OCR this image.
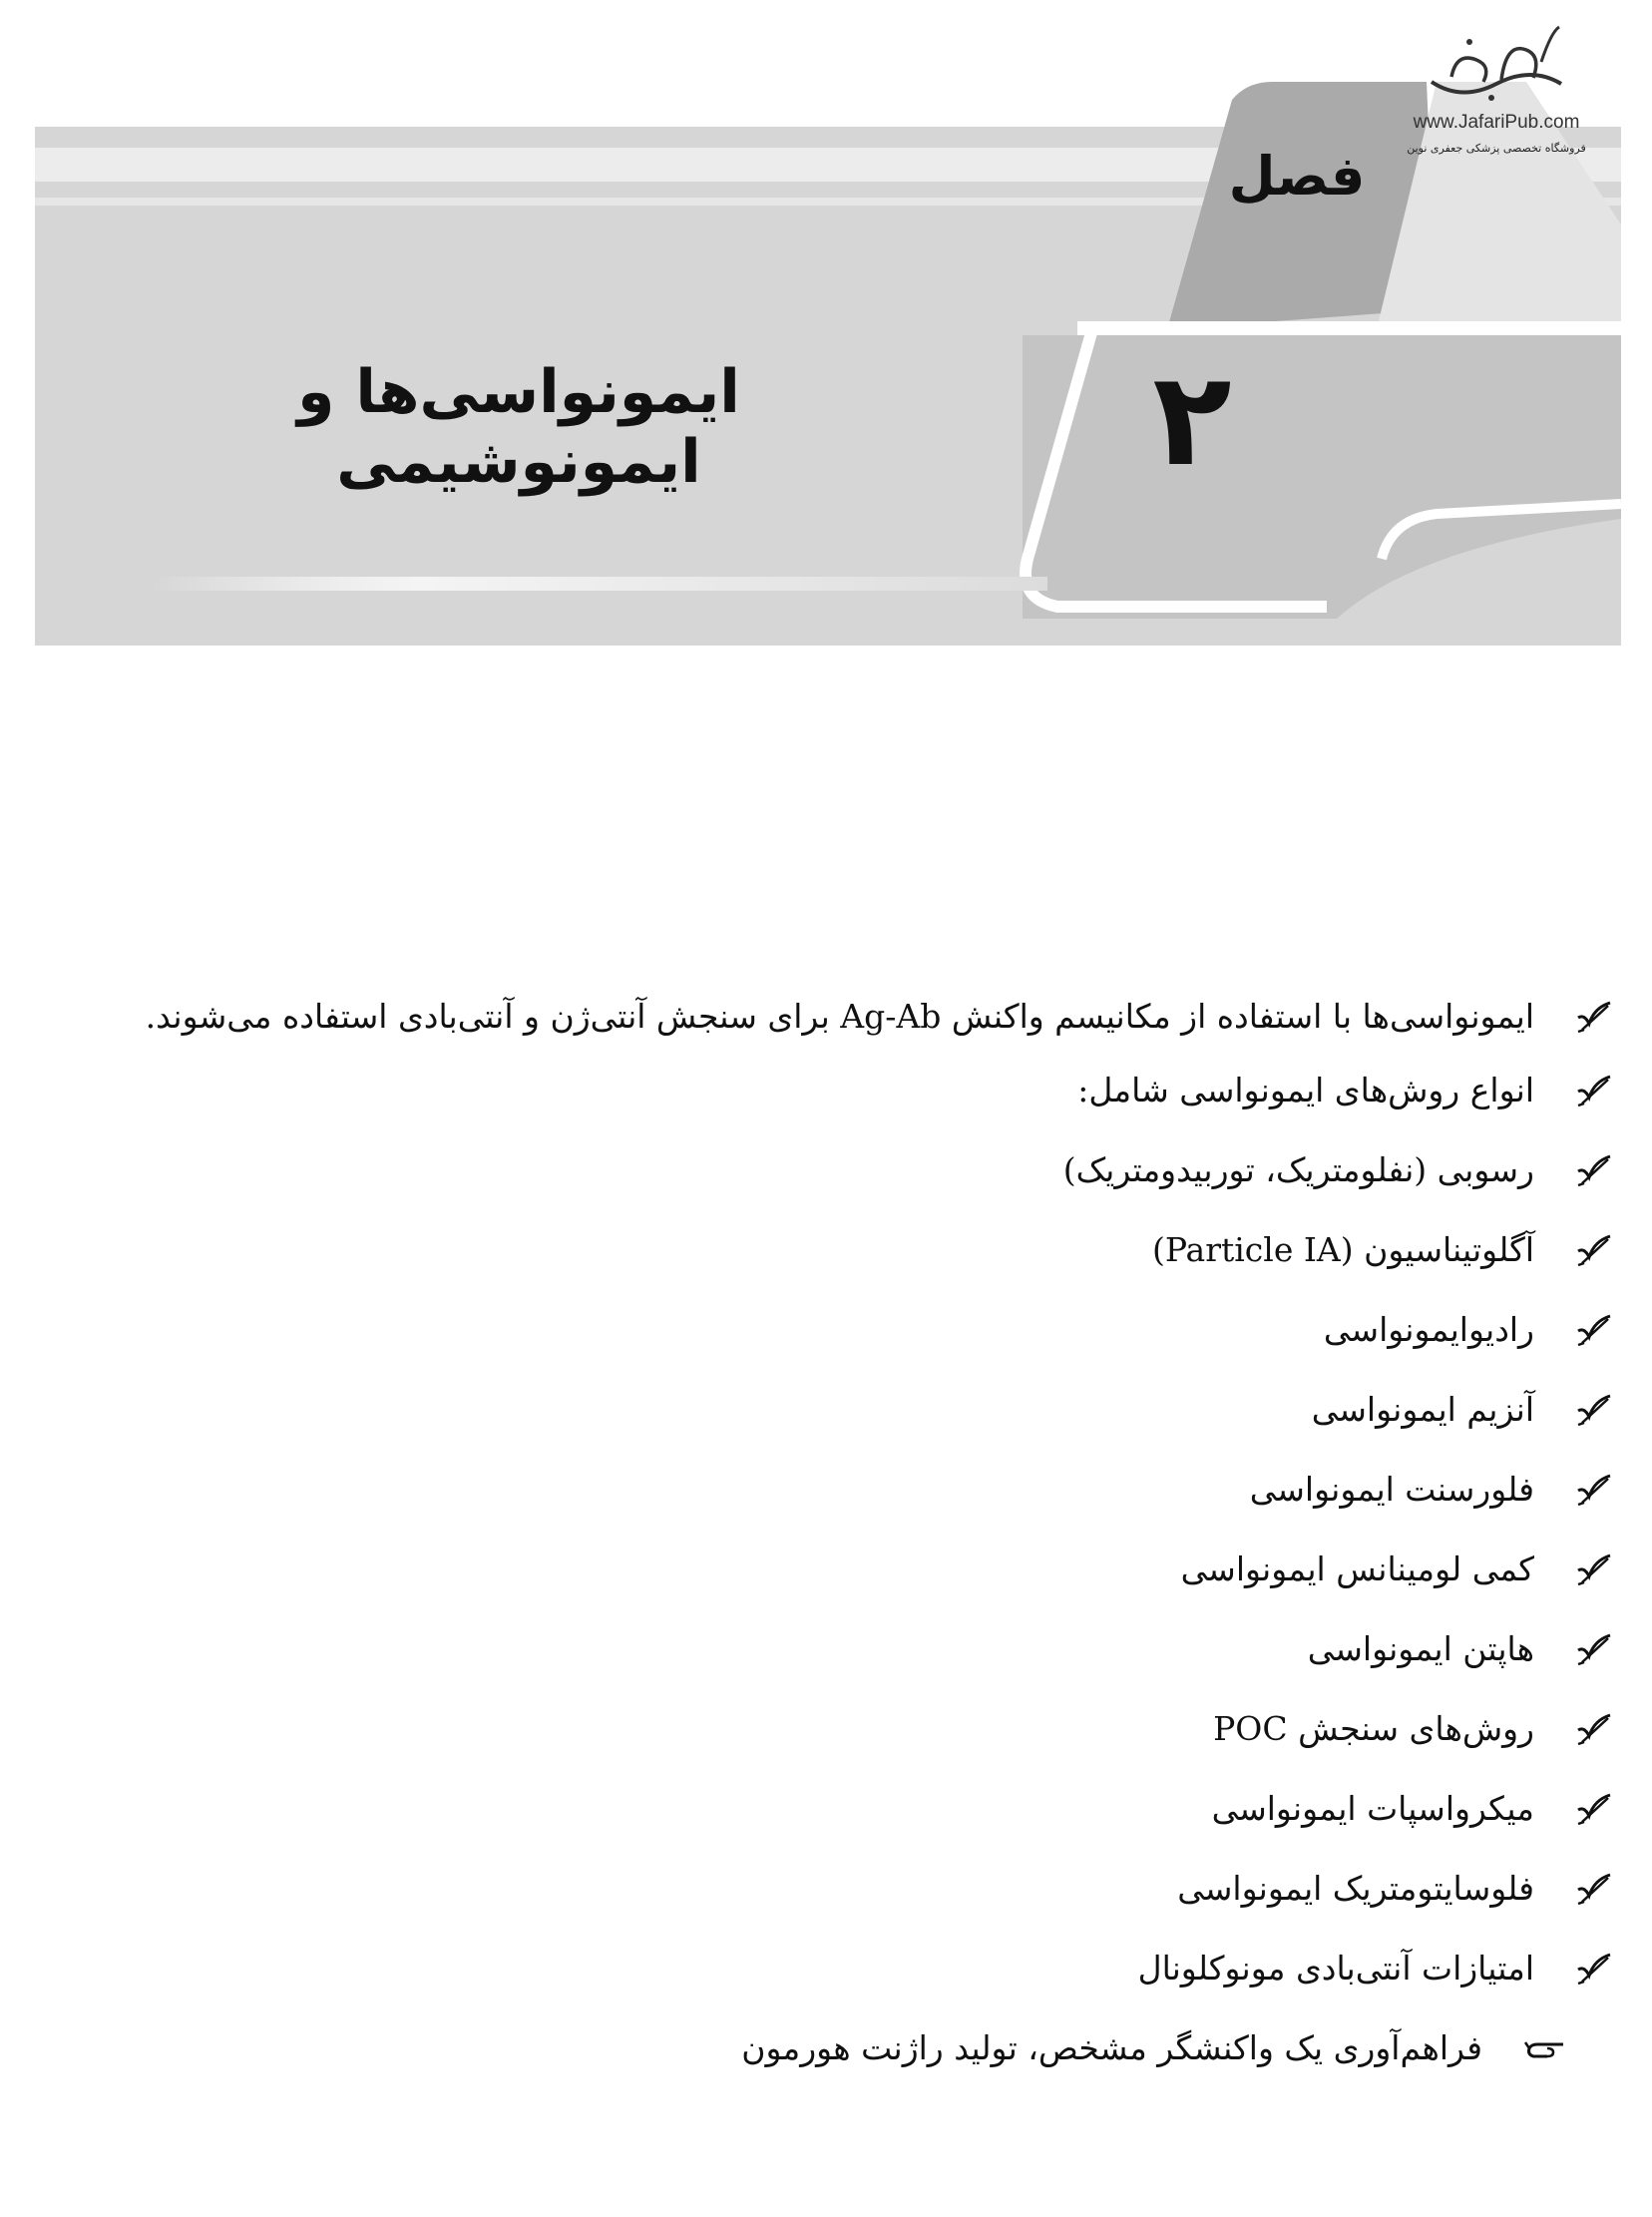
www.JafariPub.com
فروشگاه تخصصی پزشکی جعفری نوین
فصل
۲
ایمونواسی‌ها و ایمونوشیمی
ایمونواسی‌ها با استفاده از مکانیسم واکنش Ag-Ab برای سنجش آنتی‌ژن و آنتی‌بادی استفاده می‌شوند.
انواع روش‌های ایمونواسی شامل:
رسوبی (نفلومتریک، توربیدومتریک)
آگلوتیناسیون (Particle IA)
رادیوایمونواسی
آنزیم ایمونواسی
فلورسنت ایمونواسی
کمی لومینانس ایمونواسی
هاپتن ایمونواسی
روش‌های سنجش POC
میکرواسپات ایمونواسی
فلوسایتومتریک ایمونواسی
امتیازات آنتی‌بادی مونوکلونال
فراهم‌آوری یک واکنشگر مشخص، تولید راژنت هورمون
